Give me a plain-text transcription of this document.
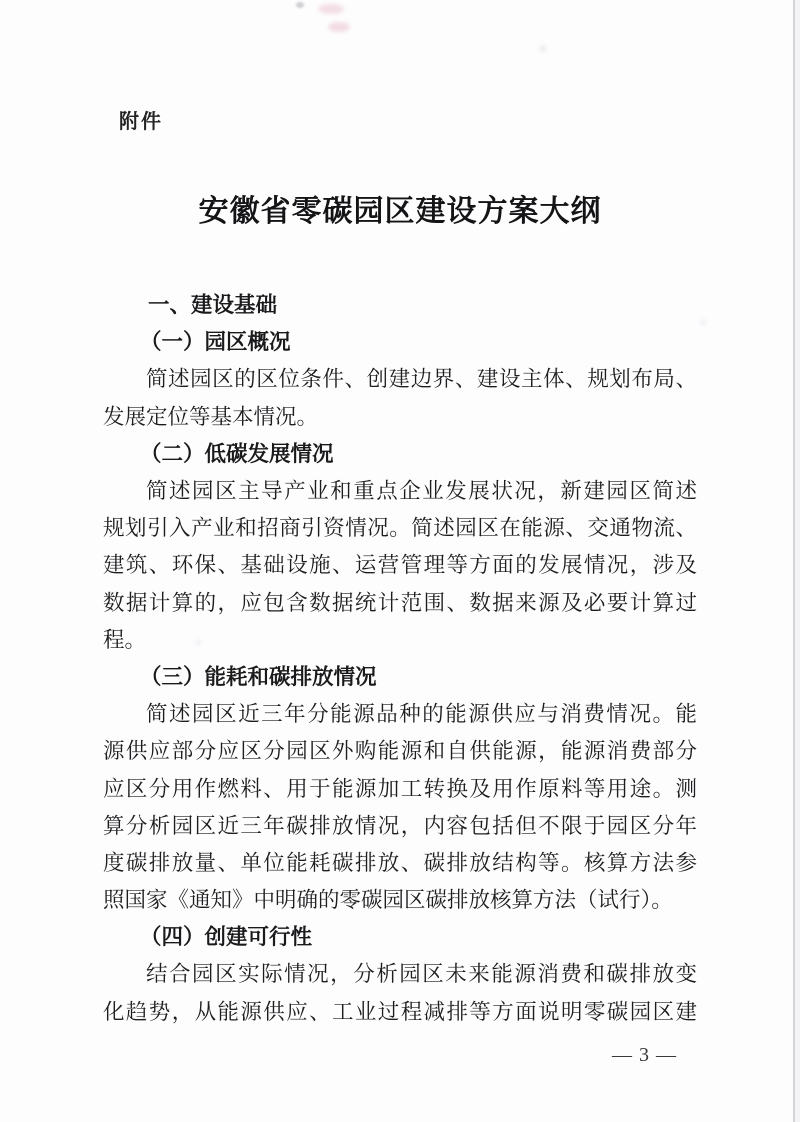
附件
安徽省零碳园区建设方案大纲
一、建设基础
（一）园区概况
简述园区的区位条件、创建边界、建设主体、规划布局、
发展定位等基本情况。
（二）低碳发展情况
简述园区主导产业和重点企业发展状况，新建园区简述
规划引入产业和招商引资情况。简述园区在能源、交通物流、
建筑、环保、基础设施、运营管理等方面的发展情况，涉及
数据计算的，应包含数据统计范围、数据来源及必要计算过
程。
（三）能耗和碳排放情况
简述园区近三年分能源品种的能源供应与消费情况。能
源供应部分应区分园区外购能源和自供能源，能源消费部分
应区分用作燃料、用于能源加工转换及用作原料等用途。测
算分析园区近三年碳排放情况，内容包括但不限于园区分年
度碳排放量、单位能耗碳排放、碳排放结构等。核算方法参
照国家《通知》中明确的零碳园区碳排放核算方法（试行）。
（四）创建可行性
结合园区实际情况，分析园区未来能源消费和碳排放变
化趋势，从能源供应、工业过程减排等方面说明零碳园区建
— 3 —
